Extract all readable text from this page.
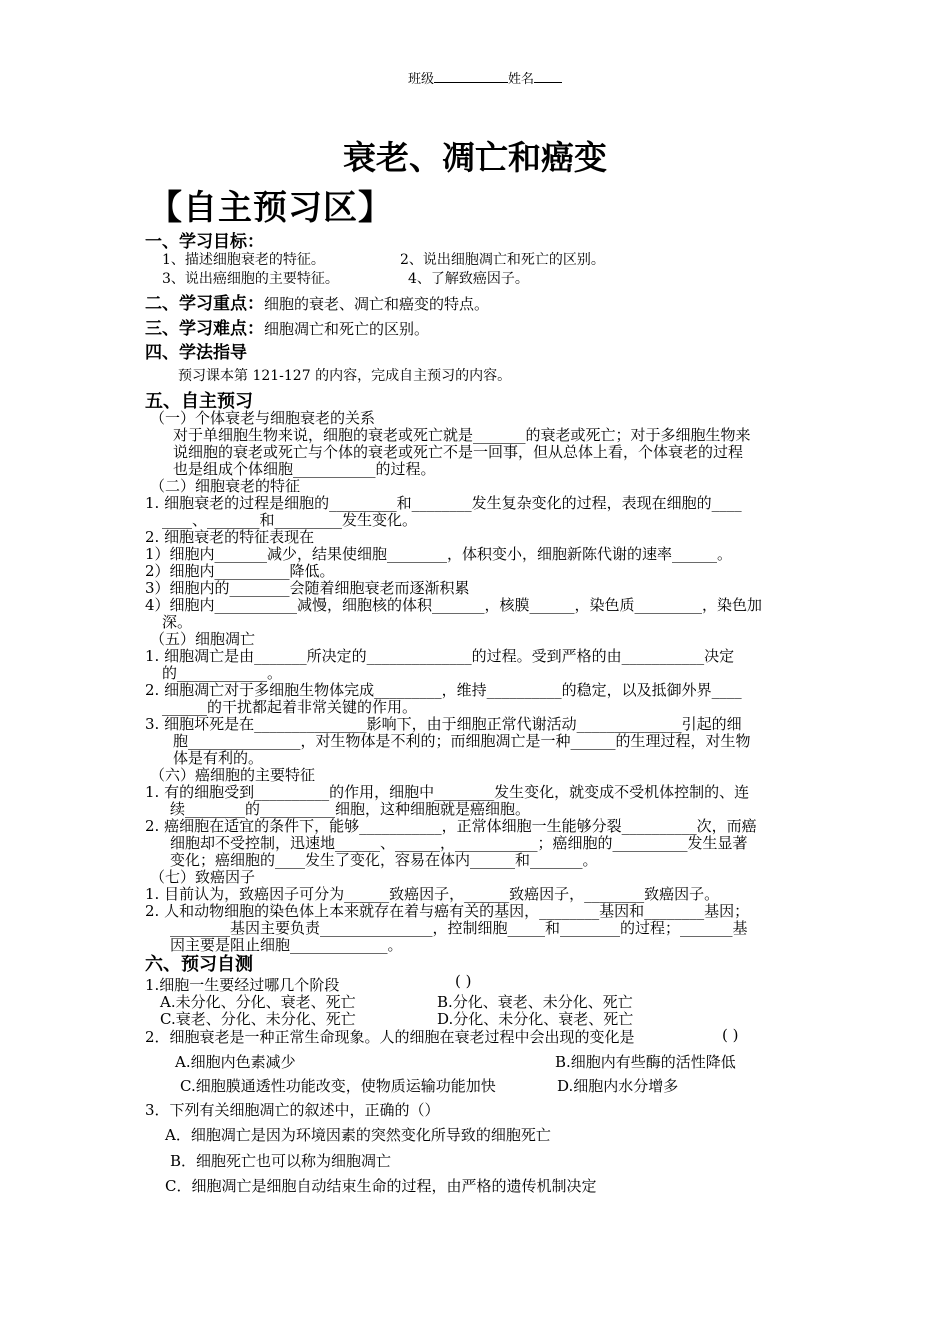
班级	姓名
衰老、凋亡和癌变
【自主预习区】
一、学习目标：
1、描述细胞衰老的特征。	2、说出细胞凋亡和死亡的区别。
3、说出癌细胞的主要特征。	4、了解致癌因子。
二、学习重点：细胞的衰老、凋亡和癌变的特点。
三、学习难点：细胞凋亡和死亡的区别。
四、学法指导
预习课本第 121-127 的内容，完成自主预习的内容。
五、自主预习
（一）个体衰老与细胞衰老的关系
对于单细胞生物来说，细胞的衰老或死亡就是_______的衰老或死亡；对于多细胞生物来
说细胞的衰老或死亡与个体的衰老或死亡不是一回事，但从总体上看，个体衰老的过程
也是组成个体细胞___________的过程。
（二）细胞衰老的特征
1. 细胞衰老的过程是细胞的_________和________发生复杂变化的过程，表现在细胞的____
____、_______和_________发生变化。
2. 细胞衰老的特征表现在
1）细胞内_______减少，结果使细胞________，体积变小，细胞新陈代谢的速率______。
2）细胞内__________降低。
3）细胞内的________会随着细胞衰老而逐渐积累
4）细胞内___________减慢，细胞核的体积_______，核膜______，染色质_________，染色加
深。
（五）细胞凋亡
1. 细胞凋亡是由_______所决定的______________的过程。受到严格的由___________决定
的____________。
2. 细胞凋亡对于多细胞生物体完成_________，维持__________的稳定，以及抵御外界____
______的干扰都起着非常关键的作用。
3. 细胞坏死是在_______________影响下，由于细胞正常代谢活动______________引起的细
胞_______________，对生物体是不利的；而细胞凋亡是一种______的生理过程，对生物
体是有利的。
（六）癌细胞的主要特征
1. 有的细胞受到__________的作用，细胞中________发生变化，就变成不受机体控制的、连
续________的__________细胞，这种细胞就是癌细胞。
2. 癌细胞在适宜的条件下，能够___________，正常体细胞一生能够分裂__________次，而癌
细胞却不受控制，迅速地______、______，___________；癌细胞的__________发生显著
变化；癌细胞的____发生了变化，容易在体内______和_______。
（七）致癌因子
1. 目前认为，致癌因子可分为______致癌因子，______致癌因子，________致癌因子。
2. 人和动物细胞的染色体上本来就存在着与癌有关的基因，________基因和________基因；
________基因主要负责_______________，控制细胞_____和________的过程；_______基
因主要是阻止细胞_____________。
六、预习自测
1.细胞一生要经过哪几个阶段	( )
A.未分化、分化、衰老、死亡	B.分化、衰老、未分化、死亡
C.衰老、分化、未分化、死亡	D.分化、未分化、衰老、死亡
2．细胞衰老是一种正常生命现象。人的细胞在衰老过程中会出现的变化是	( )
A.细胞内色素减少	B.细胞内有些酶的活性降低
C.细胞膜通透性功能改变，使物质运输功能加快	D.细胞内水分增多
3．下列有关细胞凋亡的叙述中，正确的（）
A．细胞凋亡是因为环境因素的突然变化所导致的细胞死亡
B．细胞死亡也可以称为细胞凋亡
C．细胞凋亡是细胞自动结束生命的过程，由严格的遗传机制决定
